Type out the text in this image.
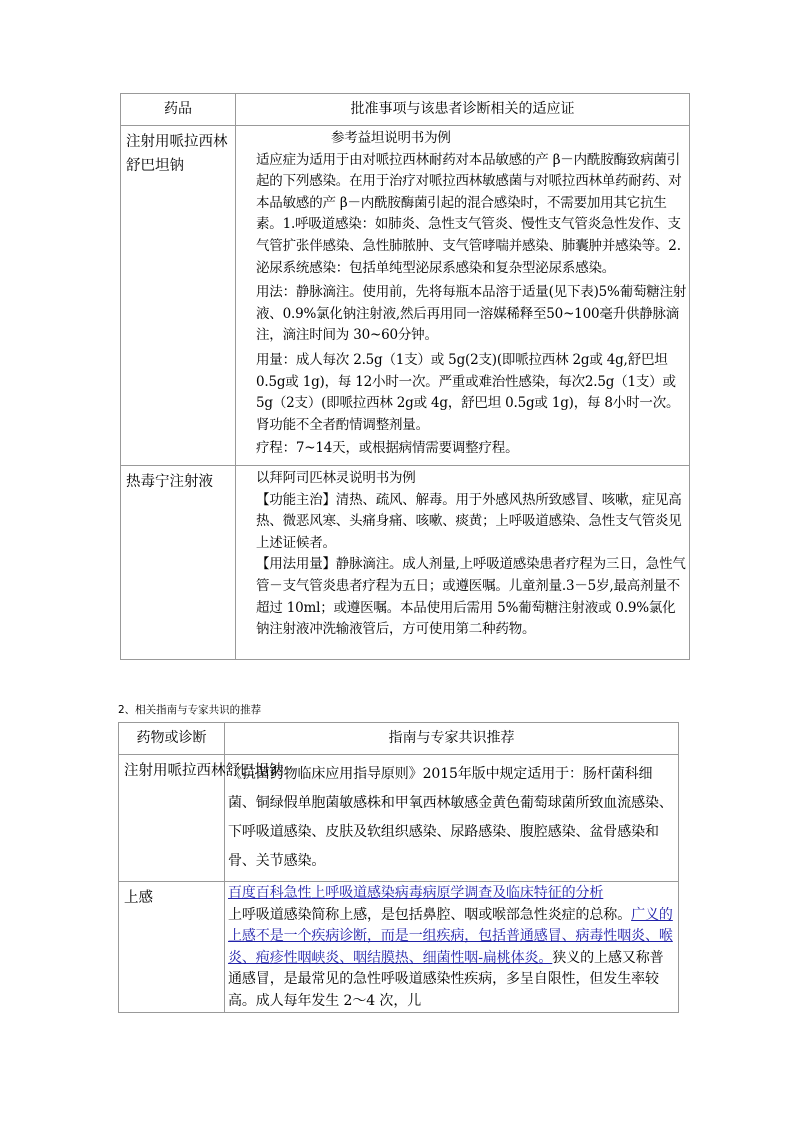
药品	批准事项与该患者诊断相关的适应证
注射用哌拉西林舒巴坦钠	参考益坦说明书为例

适应症为适用于由对哌拉西林耐药对本品敏感的产 β－内酰胺酶致病菌引起的下列感染。在用于治疗对哌拉西林敏感菌与对哌拉西林单药耐药、对本品敏感的产 β－内酰胺酶菌引起的混合感染时，不需要加用其它抗生素。1.呼吸道感染：如肺炎、急性支气管炎、慢性支气管炎急性发作、支气管扩张伴感染、急性肺脓肿、支气管哮喘并感染、肺囊肿并感染等。2.泌尿系统感染：包括单纯型泌尿系感染和复杂型泌尿系感染。

用法：静脉滴注。使用前，先将每瓶本品溶于适量(见下表)5%葡萄糖注射液、0.9%氯化钠注射液,然后再用同一溶媒稀释至50~100毫升供静脉滴注，滴注时间为 30~60分钟。

用量：成人每次 2.5g（1支）或 5g(2支)(即哌拉西林 2g或 4g,舒巴坦 0.5g或 1g)，每 12小时一次。严重或难治性感染，每次2.5g（1支）或 5g（2支）(即哌拉西林 2g或 4g，舒巴坦 0.5g或 1g)，每 8小时一次。肾功能不全者酌情调整剂量。

疗程：7~14天，或根据病情需要调整疗程。

热毒宁注射液	以拜阿司匹林灵说明书为例

【功能主治】清热、疏风、解毒。用于外感风热所致感冒、咳嗽，症见高热、微恶风寒、头痛身痛、咳嗽、痰黄；上呼吸道感染、急性支气管炎见上述证候者。

【用法用量】静脉滴注。成人剂量,上呼吸道感染患者疗程为三日，急性气管－支气管炎患者疗程为五日；或遵医嘱。儿童剂量.3－5岁,最高剂量不超过 10ml；或遵医嘱。本品使用后需用 5%葡萄糖注射液或 0.9%氯化钠注射液冲洗输液管后，方可使用第二种药物。

2、相关指南与专家共识的推荐
药物或诊断	指南与专家共识推荐
注射用哌拉西林舒巴坦钠	《抗菌药物临床应用指导原则》2015年版中规定适用于：肠杆菌科细菌、铜绿假单胞菌敏感株和甲氧西林敏感金黄色葡萄球菌所致血流感染、下呼吸道感染、皮肤及软组织感染、尿路感染、腹腔感染、盆骨感染和骨、关节感染。

上感	百度百科急性上呼吸道感染病毒病原学调查及临床特征的分析
上呼吸道感染简称上感，是包括鼻腔、咽或喉部急性炎症的总称。广义的上感不是一个疾病诊断，而是一组疾病，包括普通感冒、病毒性咽炎、喉炎、疱疹性咽峡炎、咽结膜热、细菌性咽-扁桃体炎。狭义的上感又称普通感冒，是最常见的急性呼吸道感染性疾病，多呈自限性，但发生率较高。成人每年发生 2～4 次，儿
